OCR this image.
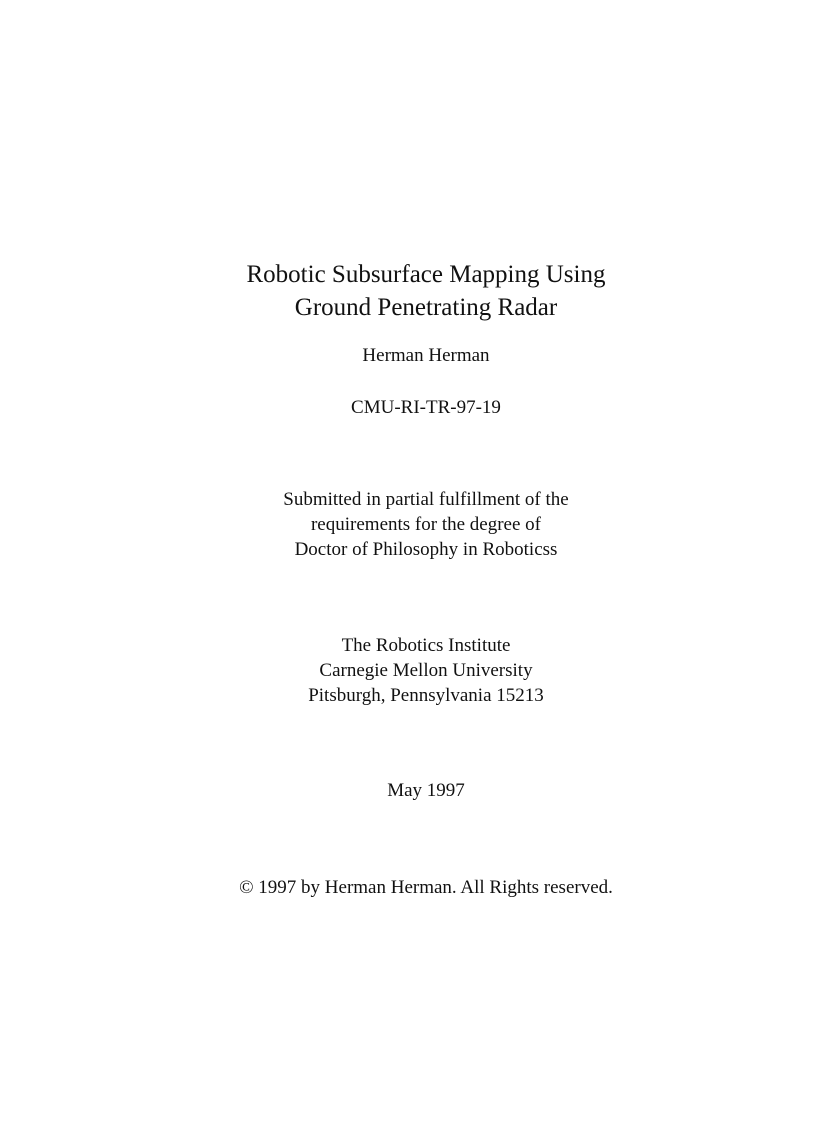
Robotic Subsurface Mapping Using
Ground Penetrating Radar
Herman Herman
CMU-RI-TR-97-19
Submitted in partial fulfillment of the
requirements for the degree of
Doctor of Philosophy in Roboticss
The Robotics Institute
Carnegie Mellon University
Pitsburgh, Pennsylvania 15213
May 1997
© 1997 by Herman Herman. All Rights reserved.
